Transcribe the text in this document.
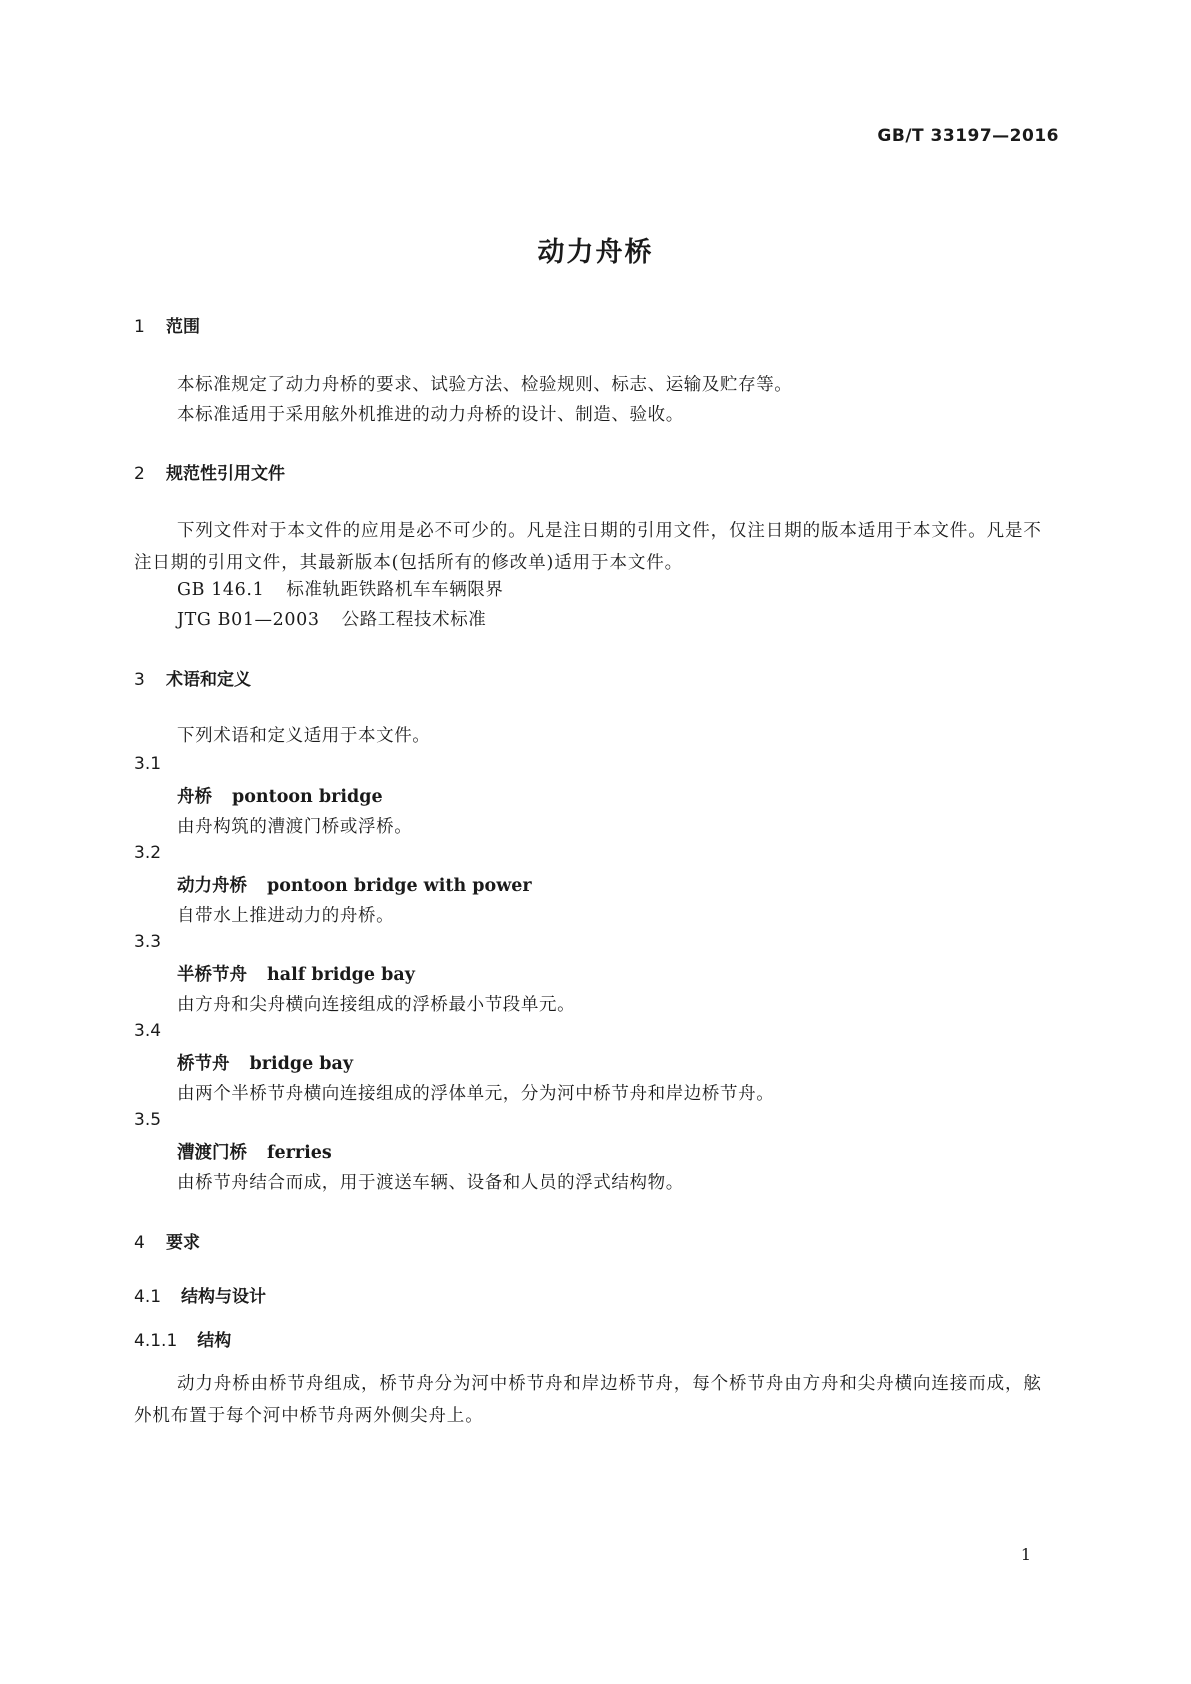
GB/T 33197—2016
动力舟桥
1 范围
本标准规定了动力舟桥的要求、试验方法、检验规则、标志、运输及贮存等。
本标准适用于采用舷外机推进的动力舟桥的设计、制造、验收。
2 规范性引用文件
下列文件对于本文件的应用是必不可少的。凡是注日期的引用文件，仅注日期的版本适用于本文件。凡是不注日期的引用文件，其最新版本(包括所有的修改单)适用于本文件。
GB 146.1 标准轨距铁路机车车辆限界
JTG B01—2003 公路工程技术标准
3 术语和定义
下列术语和定义适用于本文件。
3.1
舟桥 pontoon bridge
由舟构筑的漕渡门桥或浮桥。
3.2
动力舟桥 pontoon bridge with power
自带水上推进动力的舟桥。
3.3
半桥节舟 half bridge bay
由方舟和尖舟横向连接组成的浮桥最小节段单元。
3.4
桥节舟 bridge bay
由两个半桥节舟横向连接组成的浮体单元，分为河中桥节舟和岸边桥节舟。
3.5
漕渡门桥 ferries
由桥节舟结合而成，用于渡送车辆、设备和人员的浮式结构物。
4 要求
4.1 结构与设计
4.1.1 结构
动力舟桥由桥节舟组成，桥节舟分为河中桥节舟和岸边桥节舟，每个桥节舟由方舟和尖舟横向连接而成，舷外机布置于每个河中桥节舟两外侧尖舟上。
1
